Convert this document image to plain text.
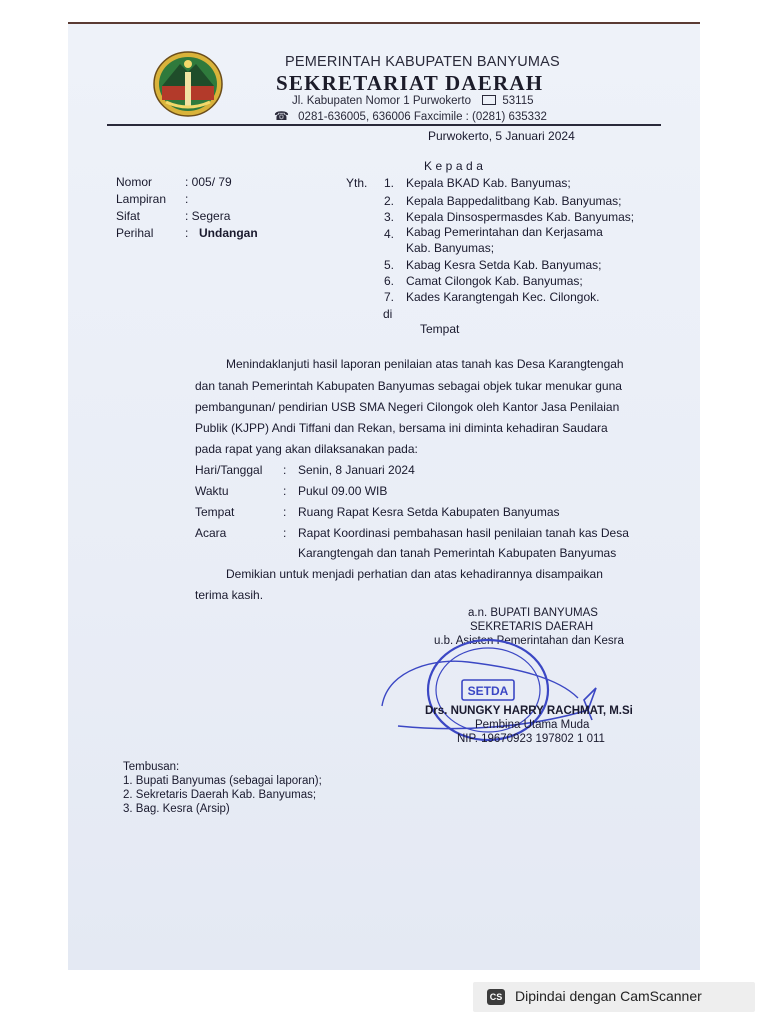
PEMERINTAH KABUPATEN BANYUMAS
SEKRETARIAT DAERAH
Jl. Kabupaten Nomor 1 Purwokerto	53115
☎ 0281-636005, 636006 Faxcimile : (0281) 635332
Purwokerto, 5 Januari 2024
Kepada
Nomor	: 005/ 79
Lampiran :
Sifat	: Segera
Perihal	: Undangan
Yth.	1. Kepala BKAD Kab. Banyumas;
2. Kepala Bappedalitbang Kab. Banyumas;
3. Kepala Dinsospermasdes Kab. Banyumas;
4. Kabag Pemerintahan dan Kerjasama
Kab. Banyumas;
5. Kabag Kesra Setda Kab. Banyumas;
6. Camat Cilongok Kab. Banyumas;
7. Kades Karangtengah Kec. Cilongok.
di
Tempat
Menindaklanjuti hasil laporan penilaian atas tanah kas Desa Karangtengah
dan tanah Pemerintah Kabupaten Banyumas sebagai objek tukar menukar guna
pembangunan/ pendirian USB SMA Negeri Cilongok oleh Kantor Jasa Penilaian
Publik (KJPP) Andi Tiffani dan Rekan, bersama ini diminta kehadiran Saudara
pada rapat yang akan dilaksanakan pada:
Hari/Tanggal : Senin, 8 Januari 2024
Waktu	: Pukul 09.00 WIB
Tempat	: Ruang Rapat Kesra Setda Kabupaten Banyumas
Acara	: Rapat Koordinasi pembahasan hasil penilaian tanah kas Desa
Karangtengah dan tanah Pemerintah Kabupaten Banyumas
Demikian untuk menjadi perhatian dan atas kehadirannya disampaikan
terima kasih.
a.n. BUPATI BANYUMAS
SEKRETARIS DAERAH
u.b. Asisten Pemerintahan dan Kesra
SETDA
Drs. NUNGKY HARRY RACHMAT, M.Si
Pembina Utama Muda
NIP. 19670923 197802 1 011
Tembusan:
1. Bupati Banyumas (sebagai laporan);
2. Sekretaris Daerah Kab. Banyumas;
3. Bag. Kesra (Arsip)
CS Dipindai dengan CamScanner
